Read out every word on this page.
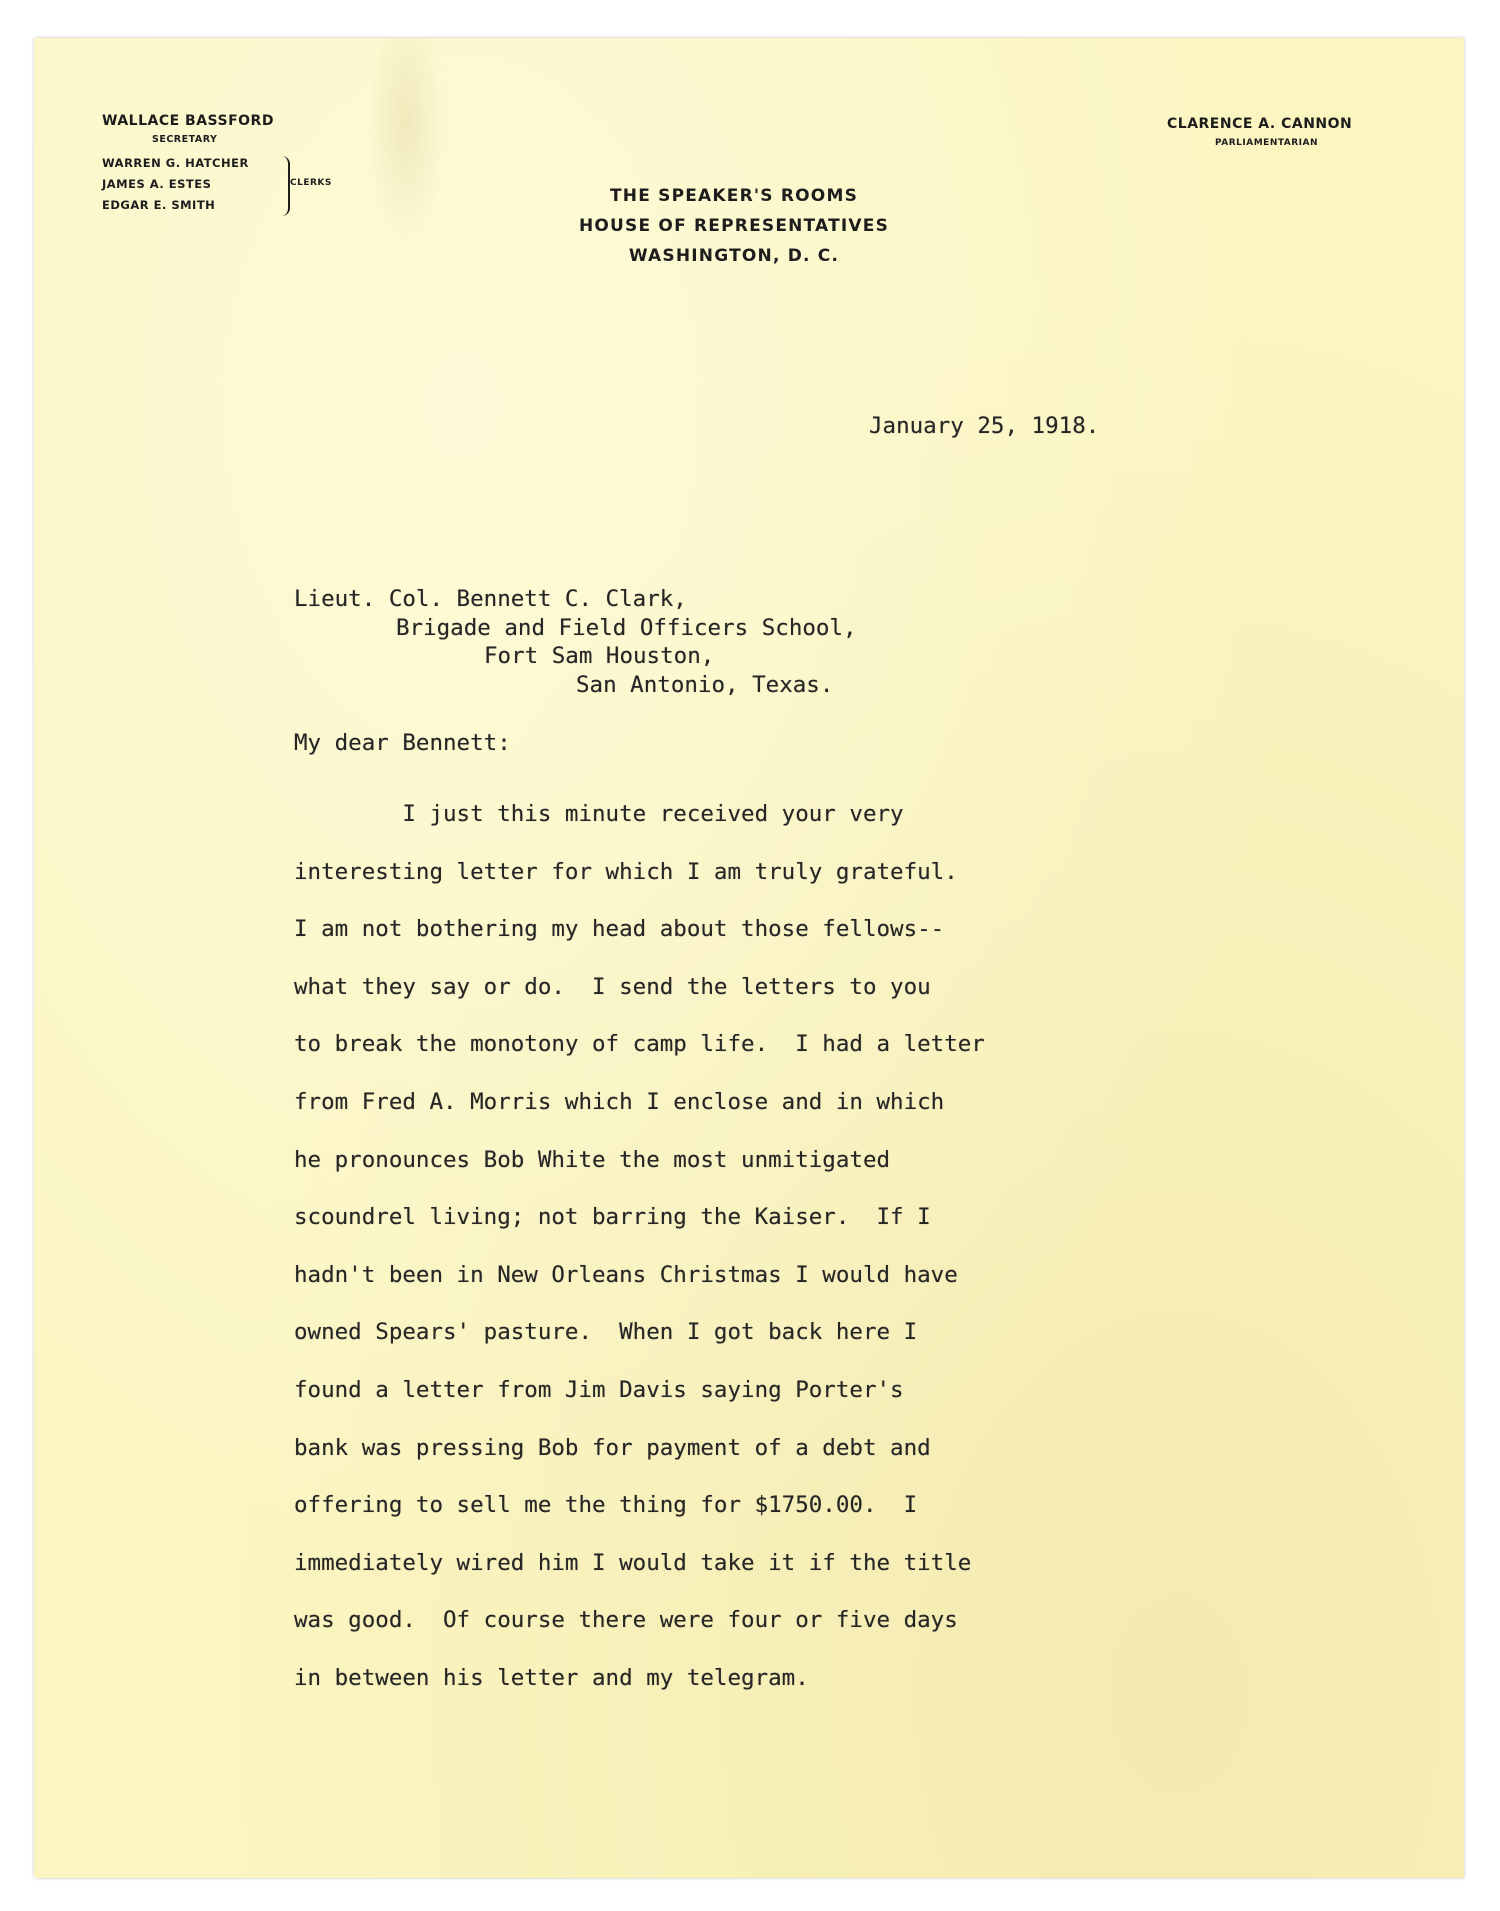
WALLACE BASSFORD
SECRETARY
WARREN G. HATCHER
JAMES A. ESTES
EDGAR E. SMITH
CLERKS
CLARENCE A. CANNON
PARLIAMENTARIAN
THE SPEAKER'S ROOMS
HOUSE OF REPRESENTATIVES
WASHINGTON, D. C.
January 25, 1918.
Lieut. Col. Bennett C. Clark,
Brigade and Field Officers School,
Fort Sam Houston,
San Antonio, Texas.
My dear Bennett:
I just this minute received your very
interesting letter for which I am truly grateful.
I am not bothering my head about those fellows--
what they say or do.  I send the letters to you
to break the monotony of camp life.  I had a letter
from Fred A. Morris which I enclose and in which
he pronounces Bob White the most unmitigated
scoundrel living; not barring the Kaiser.  If I
hadn't been in New Orleans Christmas I would have
owned Spears' pasture.  When I got back here I
found a letter from Jim Davis saying Porter's
bank was pressing Bob for payment of a debt and
offering to sell me the thing for $1750.00.  I
immediately wired him I would take it if the title
was good.  Of course there were four or five days
in between his letter and my telegram.
